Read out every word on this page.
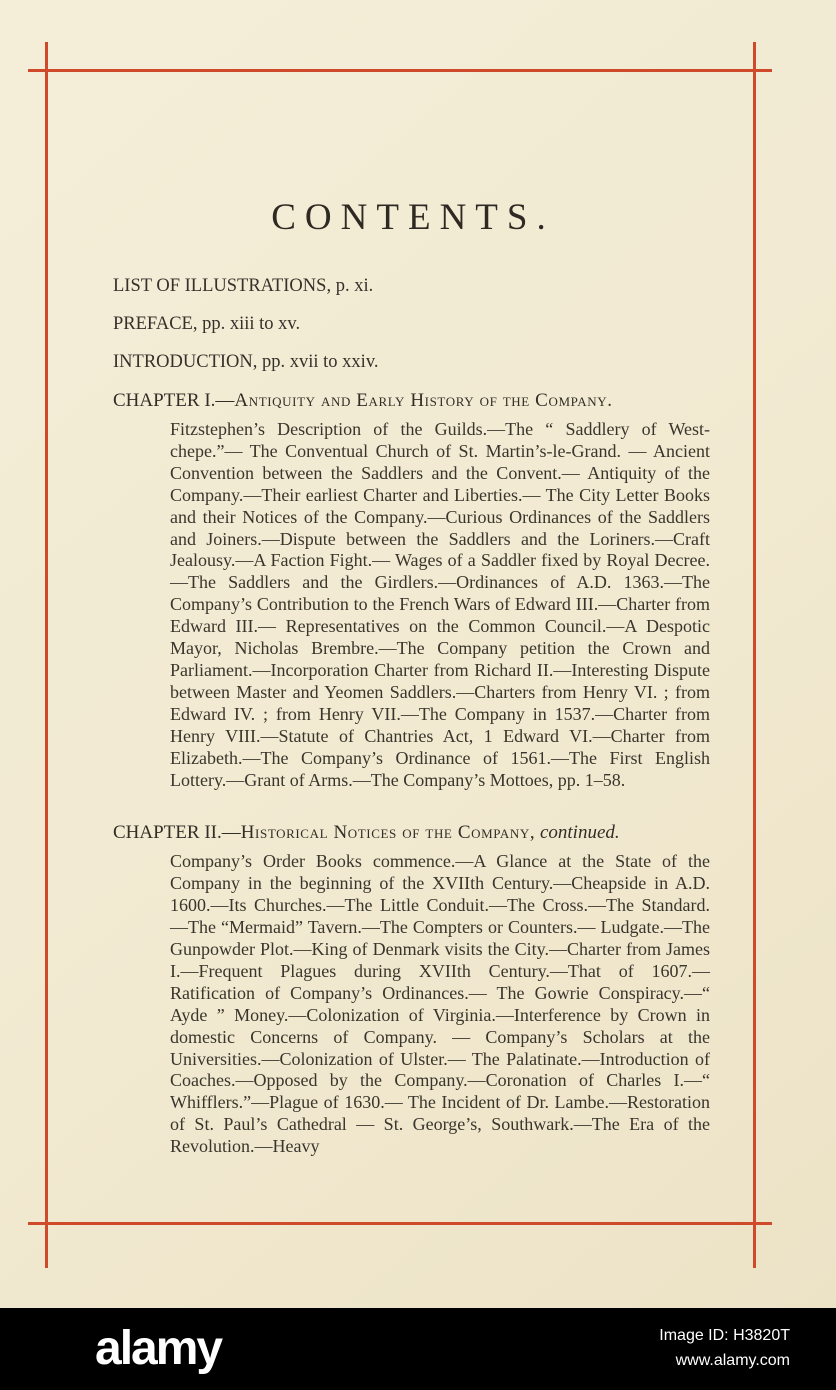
CONTENTS.

LIST OF ILLUSTRATIONS, p. xi.

PREFACE, pp. xiii to xv.

INTRODUCTION, pp. xvii to xxiv.

CHAPTER I.—Antiquity and Early History of the Company.

Fitzstephen’s Description of the Guilds.—The “ Saddlery of West-chepe.”— The Conventual Church of St. Martin’s-le-Grand. — Ancient Convention between the Saddlers and the Convent.— Antiquity of the Company.—Their earliest Charter and Liberties.— The City Letter Books and their Notices of the Company.—Curious Ordinances of the Saddlers and Joiners.—Dispute between the Saddlers and the Loriners.—Craft Jealousy.—A Faction Fight.— Wages of a Saddler fixed by Royal Decree.—The Saddlers and the Girdlers.—Ordinances of A.D. 1363.—The Company’s Contribution to the French Wars of Edward III.—Charter from Edward III.— Representatives on the Common Council.—A Despotic Mayor, Nicholas Brembre.—The Company petition the Crown and Parliament.—Incorporation Charter from Richard II.—Interesting Dispute between Master and Yeomen Saddlers.—Charters from Henry VI. ; from Edward IV. ; from Henry VII.—The Company in 1537.—Charter from Henry VIII.—Statute of Chantries Act, 1 Edward VI.—Charter from Elizabeth.—The Company’s Ordinance of 1561.—The First English Lottery.—Grant of Arms.—The Company’s Mottoes, pp. 1–58.

CHAPTER II.—Historical Notices of the Company, continued.

Company’s Order Books commence.—A Glance at the State of the Company in the beginning of the XVIIth Century.—Cheapside in A.D. 1600.—Its Churches.—The Little Conduit.—The Cross.—The Standard.—The “Mermaid” Tavern.—The Compters or Counters.— Ludgate.—The Gunpowder Plot.—King of Denmark visits the City.—Charter from James I.—Frequent Plagues during XVIIth Century.—That of 1607.—Ratification of Company’s Ordinances.— The Gowrie Conspiracy.—“ Ayde ” Money.—Colonization of Virginia.—Interference by Crown in domestic Concerns of Company. — Company’s Scholars at the Universities.—Colonization of Ulster.— The Palatinate.—Introduction of Coaches.—Opposed by the Company.—Coronation of Charles I.—“ Whifflers.”—Plague of 1630.— The Incident of Dr. Lambe.—Restoration of St. Paul’s Cathedral — St. George’s, Southwark.—The Era of the Revolution.—Heavy

alamy	Image ID: H3820T
www.alamy.com
